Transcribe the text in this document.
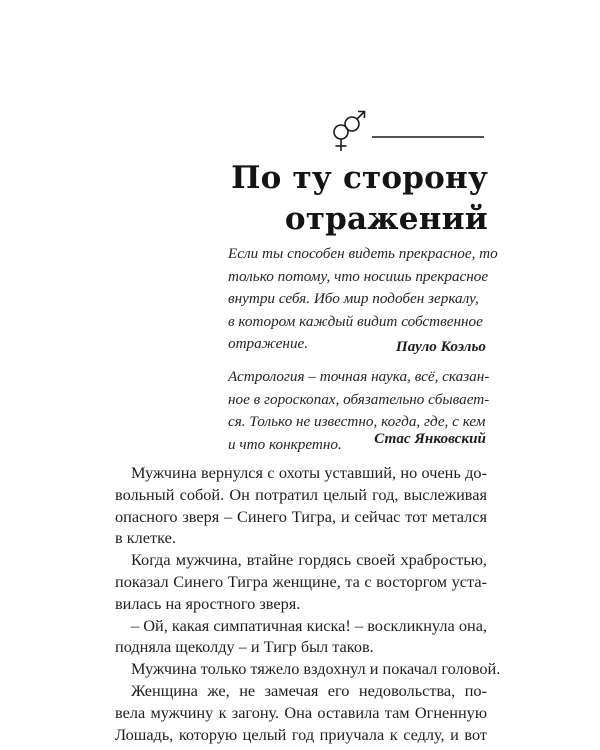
По ту сторону
отражений
Если ты способен видеть прекрасное, то
только потому, что носишь прекрасное
внутри себя. Ибо мир подобен зеркалу,
в котором каждый видит собственное
отражение.	Пауло Коэльо
Астрология – точная наука, всё, сказан-
ное в гороскопах, обязательно сбывает-
ся. Только не известно, когда, где, с кем
и что конкретно.	Стас Янковский
Мужчина вернулся с охоты уставший, но очень до-
вольный собой. Он потратил целый год, выслеживая
опасного зверя – Синего Тигра, и сейчас тот метался
в клетке.
Когда мужчина, втайне гордясь своей храбростью,
показал Синего Тигра женщине, та с восторгом уста-
вилась на яростного зверя.
– Ой, какая симпатичная киска! – воскликнула она,
подняла щеколду – и Тигр был таков.
Мужчина только тяжело вздохнул и покачал головой.
Женщина же, не замечая его недовольства, по-
вела мужчину к загону. Она оставила там Огненную
Лошадь, которую целый год приучала к седлу, и вот
